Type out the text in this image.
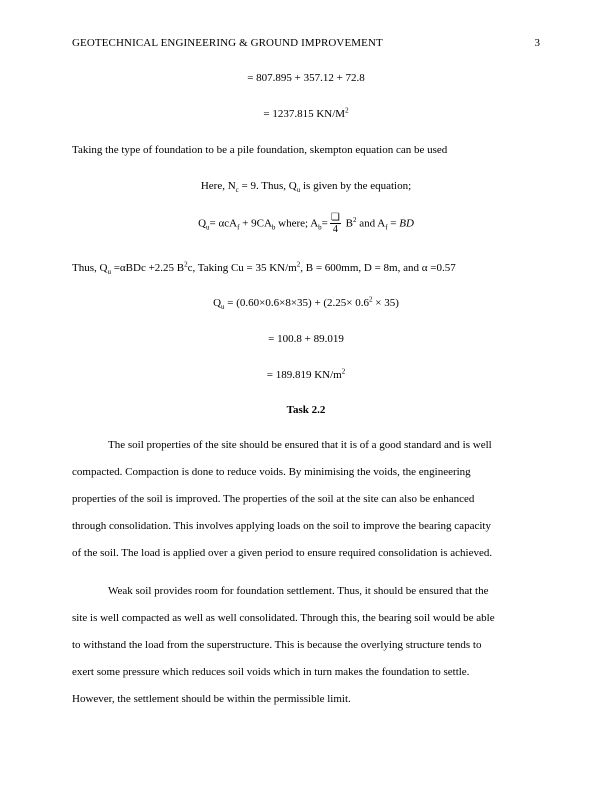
GEOTECHNICAL ENGINEERING & GROUND IMPROVEMENT	3
= 807.895 + 357.12 + 72.8
= 1237.815 $KN/M^2$
Taking the type of foundation to be a pile foundation, skempton equation can be used
Here, $N_c = 9$. Thus, $Q_u$ is given by the equation;
$Q_u= \alpha cA_f + 9CA_b$ where; $A_b= \frac{❏}{4} B^2$ and $A_f$ = BD
Thus, $Q_u =\alpha BDc +2.25$ $B^2c$, Taking Cu = 35 $KN/m^2$, B = 600mm, D = 8m, and α =0.57
$Q_u = (0.60\times 0.6\times 8\times 35) + (2.25\times 0.6^2 \times 35)$
= 100.8 + 89.019
= 189.819 $KN/m^2$
Task 2.2
The soil properties of the site should be ensured that it is of a good standard and is well
compacted. Compaction is done to reduce voids. By minimising the voids, the engineering
properties of the soil is improved. The properties of the soil at the site can also be enhanced
through consolidation. This involves applying loads on the soil to improve the bearing capacity
of the soil. The load is applied over a given period to ensure required consolidation is achieved.
Weak soil provides room for foundation settlement. Thus, it should be ensured that the
site is well compacted as well as well consolidated. Through this, the bearing soil would be able
to withstand the load from the superstructure. This is because the overlying structure tends to
exert some pressure which reduces soil voids which in turn makes the foundation to settle.
However, the settlement should be within the permissible limit.
